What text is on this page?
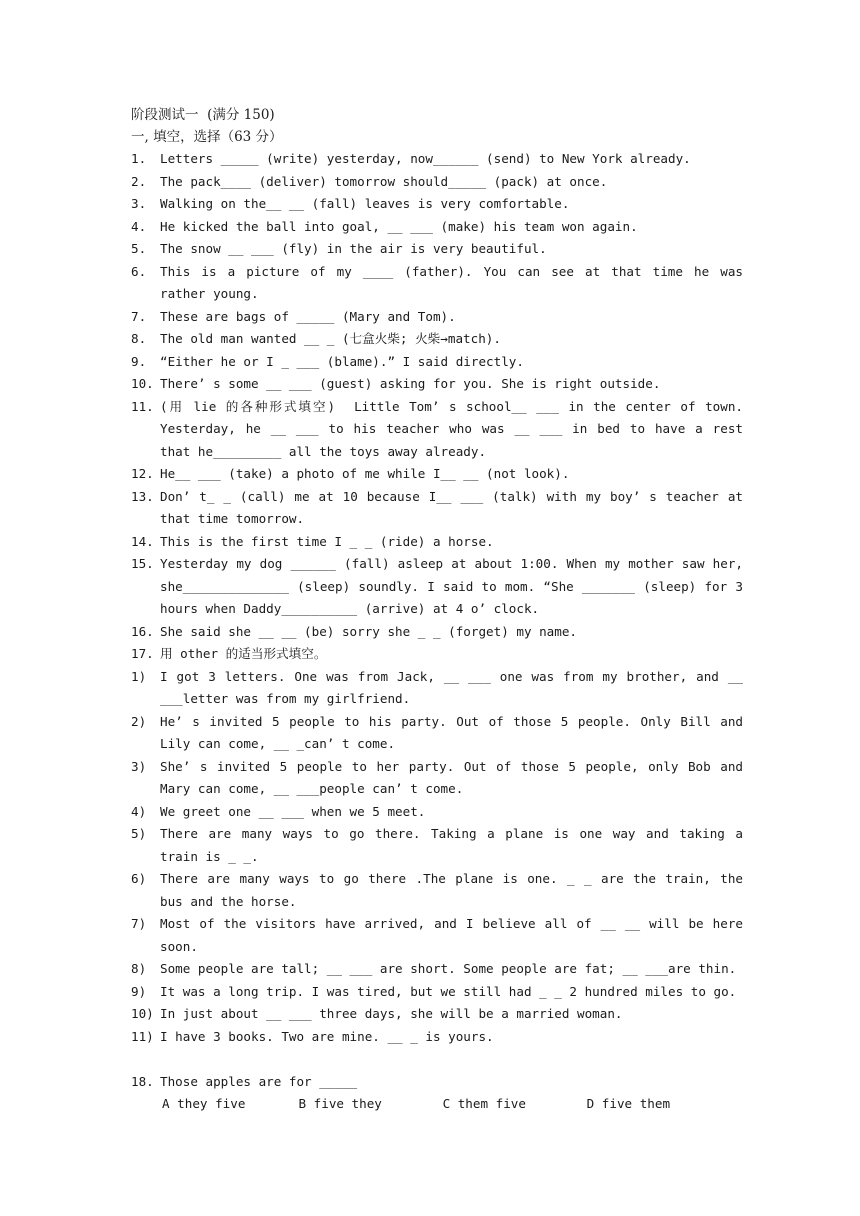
阶段测试一  (满分 150)
一, 填空，选择（63 分）
1. Letters _____ (write) yesterday, now______ (send) to New York already.
2. The pack____ (deliver) tomorrow should_____ (pack) at once.
3. Walking on the__ __ (fall) leaves is very comfortable.
4. He kicked the ball into goal, __ ___ (make) his team won again.
5. The snow __ ___ (fly) in the air is very beautiful.
6. This is a picture of my ____ (father). You can see at that time he was rather young.
7. These are bags of _____ (Mary and Tom).
8. The old man wanted __ _ (七盒火柴; 火柴→match).
9. “Either he or I _ ___ (blame).” I said directly.
10. There’ s some __ ___ (guest) asking for you. She is right outside.
11. (用 lie 的各种形式填空)  Little Tom’ s school__ ___ in the center of town. Yesterday, he __ ___ to his teacher who was __ ___ in bed to have a rest that he_________ all the toys away already.
12. He__ ___ (take) a photo of me while I__ __ (not look).
13. Don’ t_ _ (call) me at 10 because I__ ___ (talk) with my boy’ s teacher at that time tomorrow.
14. This is the first time I _ _ (ride) a horse.
15. Yesterday my dog ______ (fall) asleep at about 1:00. When my mother saw her, she______________ (sleep) soundly. I said to mom. “She _______ (sleep) for 3 hours when Daddy__________ (arrive) at 4 o’ clock.
16. She said she __ __ (be) sorry she _ _ (forget) my name.
17. 用 other 的适当形式填空。
1) I got 3 letters. One was from Jack, __ ___ one was from my brother, and __ ___letter was from my girlfriend.
2) He’ s invited 5 people to his party. Out of those 5 people. Only Bill and Lily can come, __ _can’ t come.
3) She’ s invited 5 people to her party. Out of those 5 people, only Bob and Mary can come, __ ___people can’ t come.
4) We greet one __ ___ when we 5 meet.
5) There are many ways to go there. Taking a plane is one way and taking a train is _ _.
6) There are many ways to go there .The plane is one. _ _ are the train, the bus and the horse.
7) Most of the visitors have arrived, and I believe all of __ __ will be here soon.
8) Some people are tall; __ ___ are short. Some people are fat; __ ___are thin.
9) It was a long trip. I was tired, but we still had _ _ 2 hundred miles to go.
10) In just about __ ___ three days, she will be a married woman.
11) I have 3 books. Two are mine. __ _ is yours.
18. Those apples are for _____
A they five	B five they	C them five	D five them
